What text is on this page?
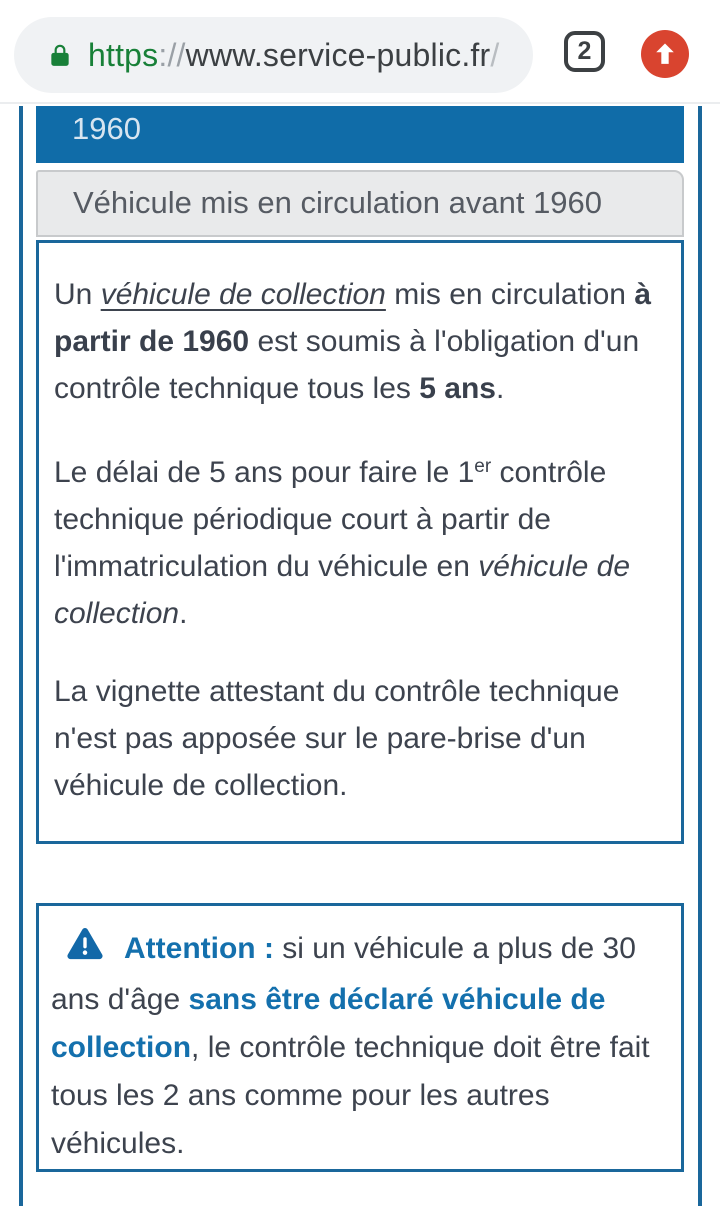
https://www.service-public.fr/	2
1960
Véhicule mis en circulation avant 1960

Un véhicule de collection mis en circulation à partir de 1960 est soumis à l'obligation d'un contrôle technique tous les 5 ans.

Le délai de 5 ans pour faire le 1er contrôle technique périodique court à partir de l'immatriculation du véhicule en véhicule de collection.

La vignette attestant du contrôle technique n'est pas apposée sur le pare-brise d'un véhicule de collection.

Attention : si un véhicule a plus de 30 ans d'âge sans être déclaré véhicule de collection, le contrôle technique doit être fait tous les 2 ans comme pour les autres véhicules.
